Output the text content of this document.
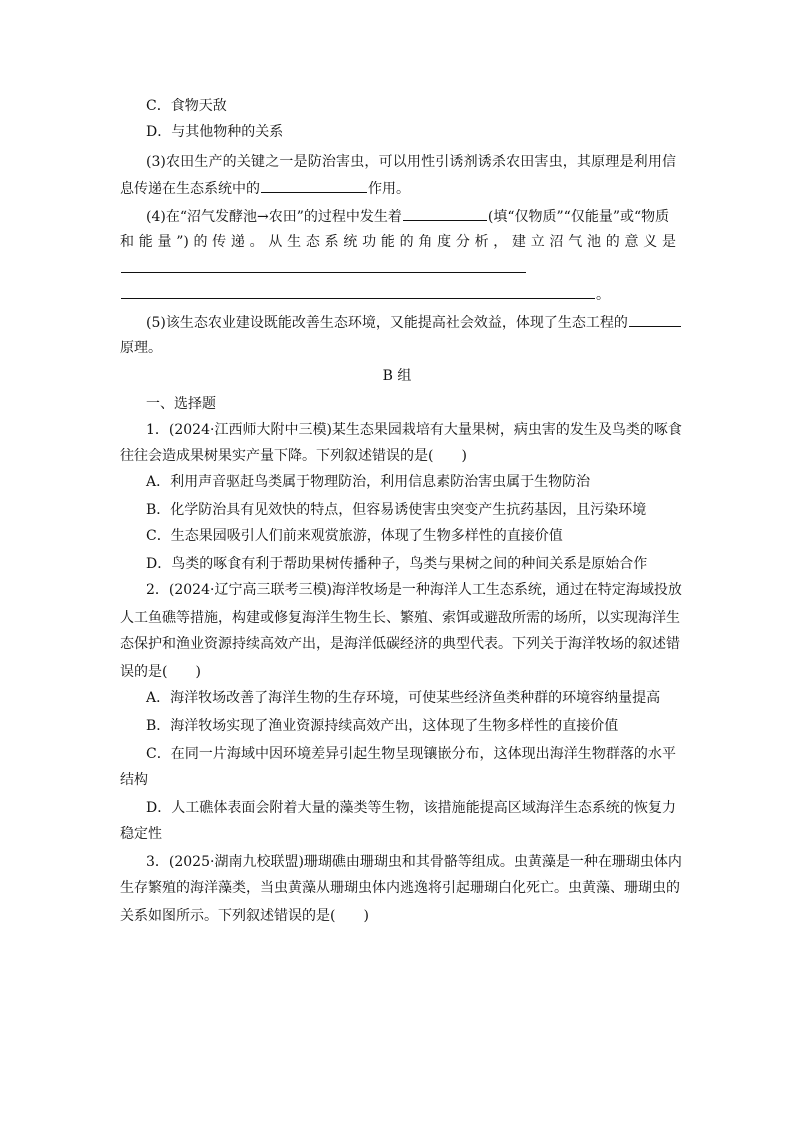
C．食物天敌
D．与其他物种的关系
(3)农田生产的关键之一是防治害虫，可以用性引诱剂诱杀农田害虫，其原理是利用信
息传递在生态系统中的	作用。
(4)在“沼气发酵池→农田”的过程中发生着	(填“仅物质”“仅能量”或“物质
和 能 量 ”) 的 传 递 。 从 生 态 系 统 功 能 的 角 度 分 析 ， 建 立 沼 气 池 的 意 义 是
。
(5)该生态农业建设既能改善生态环境，又能提高社会效益，体现了生态工程的
原理。
B 组
一、选择题
1．(2024·江西师大附中三模)某生态果园栽培有大量果树，病虫害的发生及鸟类的啄食
往往会造成果树果实产量下降。下列叙述错误的是(　　)
A．利用声音驱赶鸟类属于物理防治，利用信息素防治害虫属于生物防治
B．化学防治具有见效快的特点，但容易诱使害虫突变产生抗药基因，且污染环境
C．生态果园吸引人们前来观赏旅游，体现了生物多样性的直接价值
D．鸟类的啄食有利于帮助果树传播种子，鸟类与果树之间的种间关系是原始合作
2．(2024·辽宁高三联考三模)海洋牧场是一种海洋人工生态系统，通过在特定海域投放
人工鱼礁等措施，构建或修复海洋生物生长、繁殖、索饵或避敌所需的场所，以实现海洋生
态保护和渔业资源持续高效产出，是海洋低碳经济的典型代表。下列关于海洋牧场的叙述错
误的是(　　)
A．海洋牧场改善了海洋生物的生存环境，可使某些经济鱼类种群的环境容纳量提高
B．海洋牧场实现了渔业资源持续高效产出，这体现了生物多样性的直接价值
C．在同一片海域中因环境差异引起生物呈现镶嵌分布，这体现出海洋生物群落的水平
结构
D．人工礁体表面会附着大量的藻类等生物，该措施能提高区域海洋生态系统的恢复力
稳定性
3．(2025·湖南九校联盟)珊瑚礁由珊瑚虫和其骨骼等组成。虫黄藻是一种在珊瑚虫体内
生存繁殖的海洋藻类，当虫黄藻从珊瑚虫体内逃逸将引起珊瑚白化死亡。虫黄藻、珊瑚虫的
关系如图所示。下列叙述错误的是(　　)
